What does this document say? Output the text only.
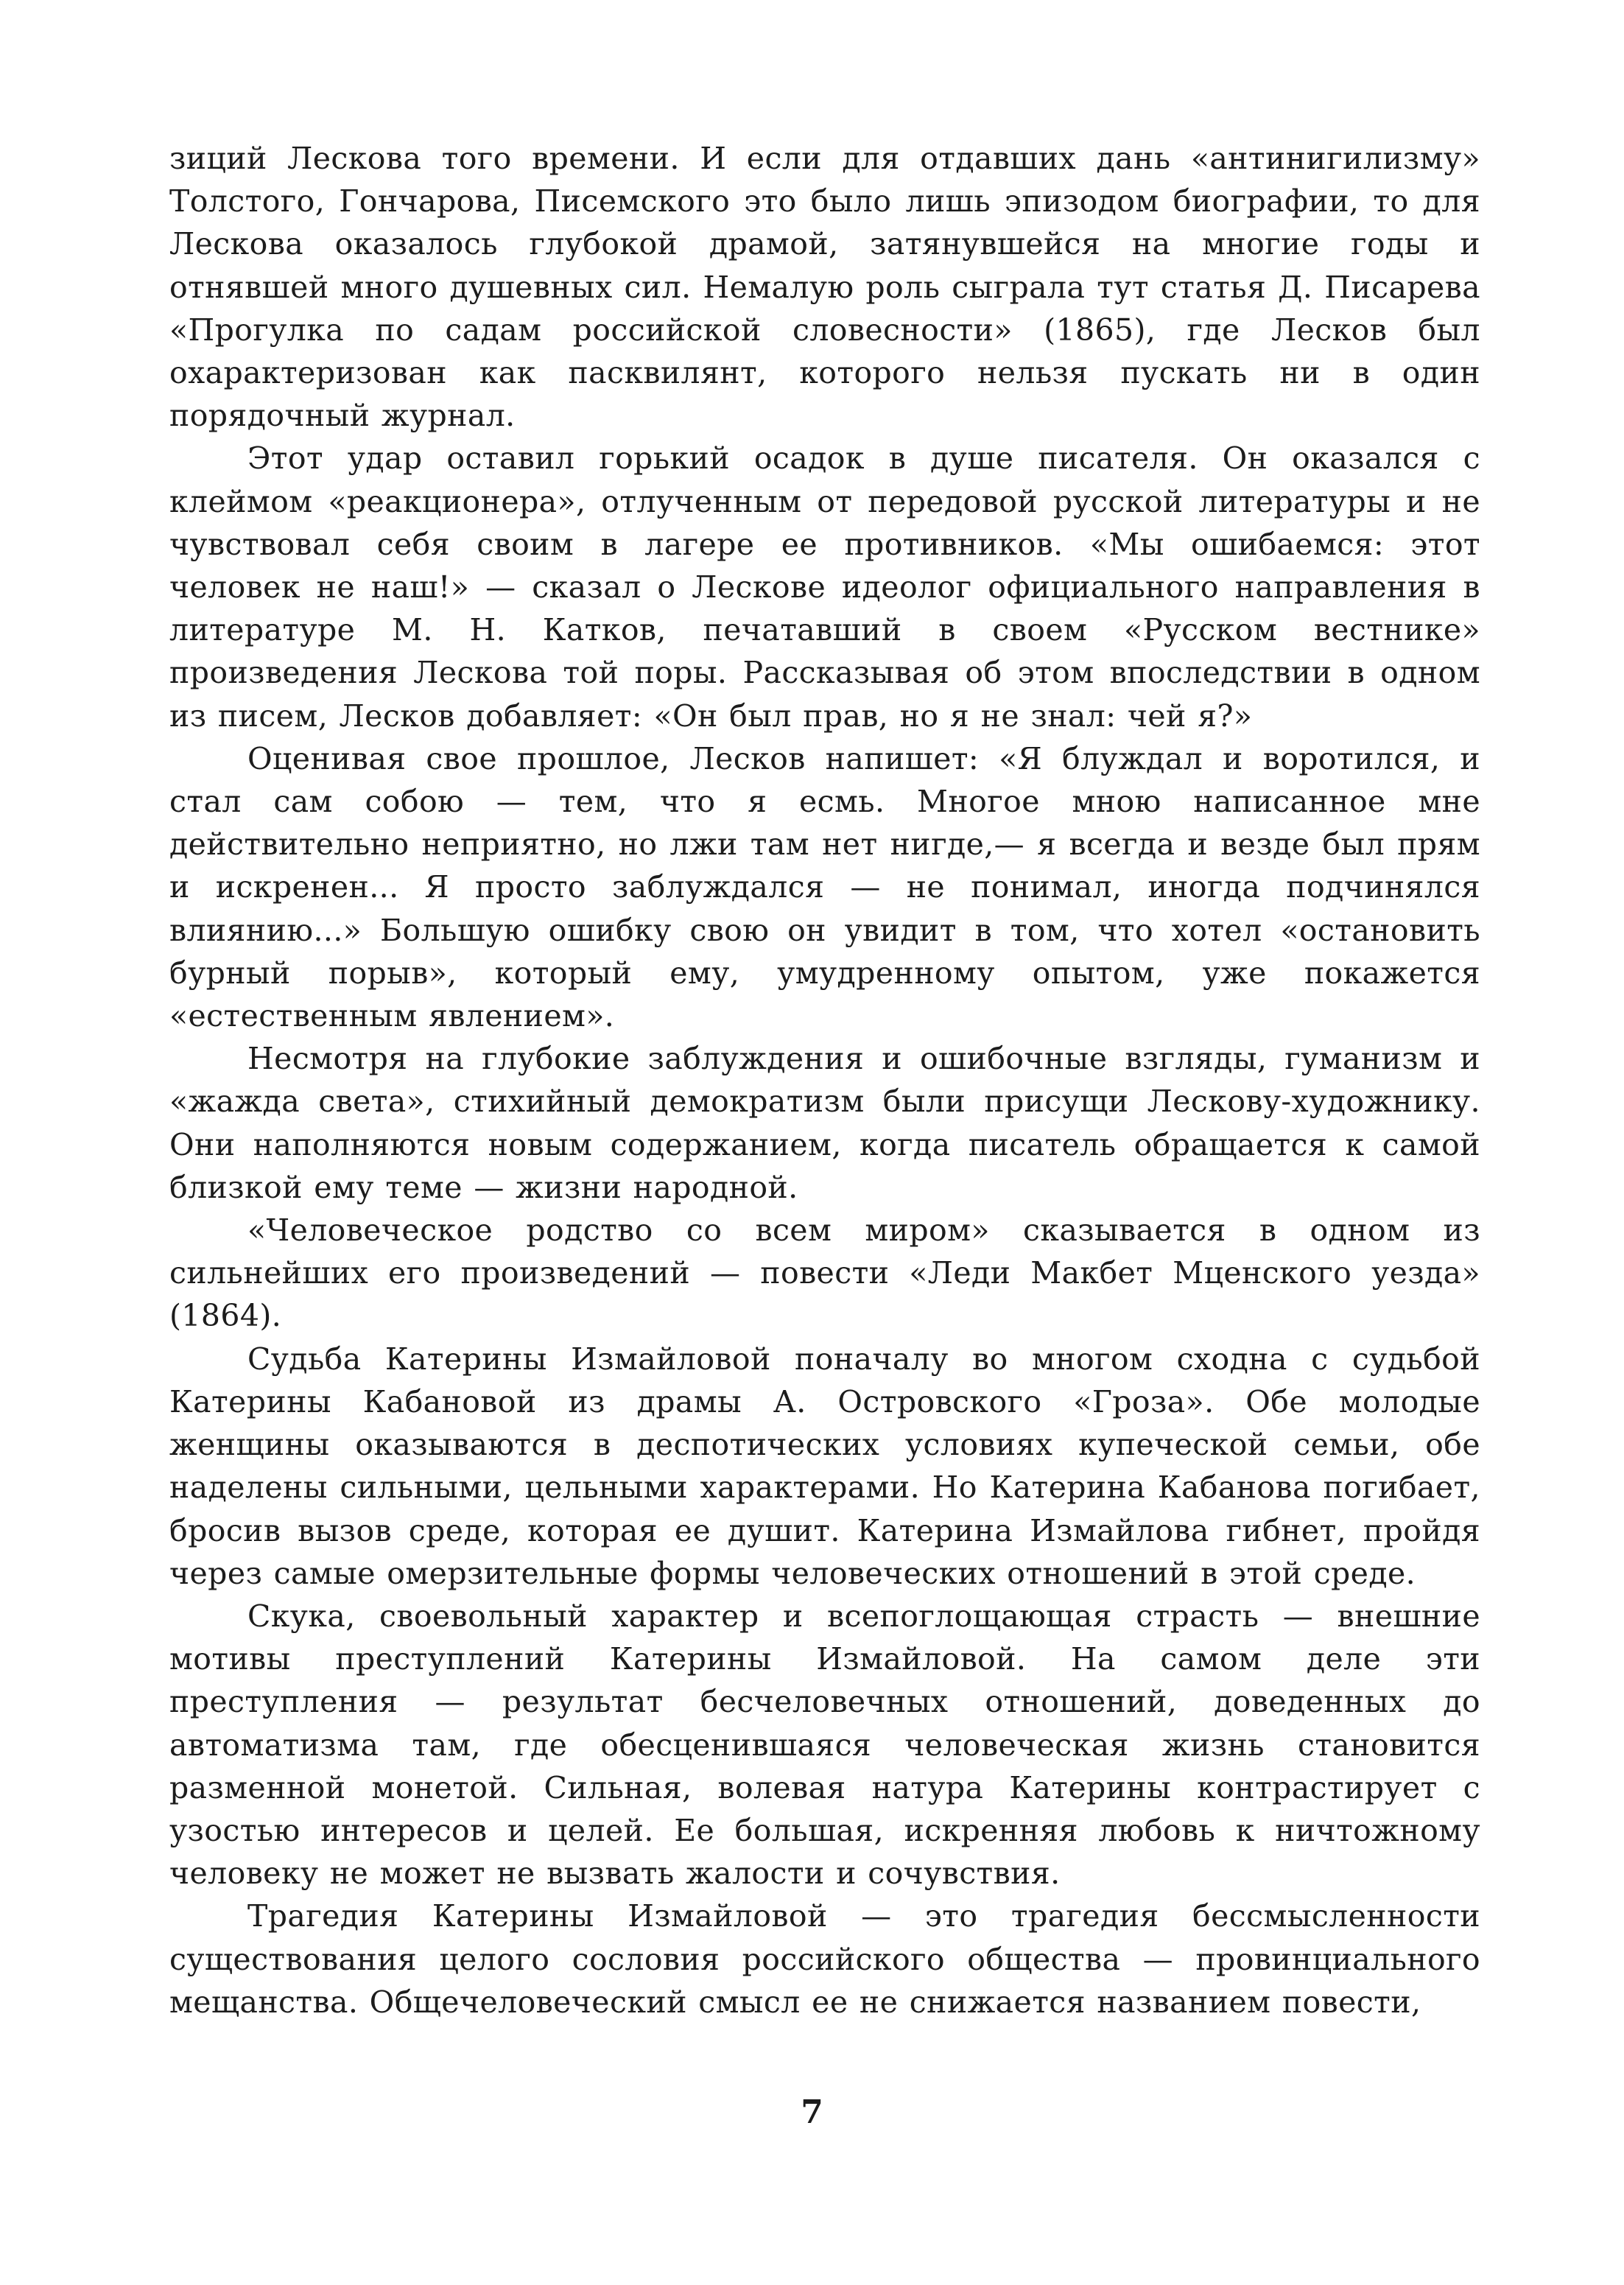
зиций Лескова того времени. И если для отдавших дань «антинигилизму» Толстого, Гончарова, Писемского это было лишь эпизодом биографии, то для Лескова оказалось глубокой драмой, затянувшейся на многие годы и отнявшей много душевных сил. Немалую роль сыграла тут статья Д. Писарева «Прогулка по садам российской словесности» (1865), где Лесков был охарактеризован как пасквилянт, которого нельзя пускать ни в один порядочный журнал.

Этот удар оставил горький осадок в душе писателя. Он оказался с клеймом «реакционера», отлученным от передовой русской литературы и не чувствовал себя своим в лагере ее противников. «Мы ошибаемся: этот человек не наш!» — сказал о Лескове идеолог официального направления в литературе М. Н. Катков, печатавший в своем «Русском вестнике» произведения Лескова той поры. Рассказывая об этом впоследствии в одном из писем, Лесков добавляет: «Он был прав, но я не знал: чей я?»

Оценивая свое прошлое, Лесков напишет: «Я блуждал и воротился, и стал сам собою — тем, что я есмь. Многое мною написанное мне действительно неприятно, но лжи там нет нигде,— я всегда и везде был прям и искренен... Я просто заблуждался — не понимал, иногда подчинялся влиянию...» Большую ошибку свою он увидит в том, что хотел «остановить бурный порыв», который ему, умудренному опытом, уже покажется «естественным явлением».

Несмотря на глубокие заблуждения и ошибочные взгляды, гуманизм и «жажда света», стихийный демократизм были присущи Лескову-художнику. Они наполняются новым содержанием, когда писатель обращается к самой близкой ему теме — жизни народной.

«Человеческое родство со всем миром» сказывается в одном из сильнейших его произведений — повести «Леди Макбет Мценского уезда» (1864).

Судьба Катерины Измайловой поначалу во многом сходна с судьбой Катерины Кабановой из драмы А. Островского «Гроза». Обе молодые женщины оказываются в деспотических условиях купеческой семьи, обе наделены сильными, цельными характерами. Но Катерина Кабанова погибает, бросив вызов среде, которая ее душит. Катерина Измайлова гибнет, пройдя через самые омерзительные формы человеческих отношений в этой среде.

Скука, своевольный характер и всепоглощающая страсть — внешние мотивы преступлений Катерины Измайловой. На самом деле эти преступления — результат бесчеловечных отношений, доведенных до автоматизма там, где обесценившаяся человеческая жизнь становится разменной монетой. Сильная, волевая натура Катерины контрастирует с узостью интересов и целей. Ее большая, искренняя любовь к ничтожному человеку не может не вызвать жалости и сочувствия.

Трагедия Катерины Измайловой — это трагедия бессмысленности существования целого сословия российского общества — провинциального мещанства. Общечеловеческий смысл ее не снижается названием повести,

7
